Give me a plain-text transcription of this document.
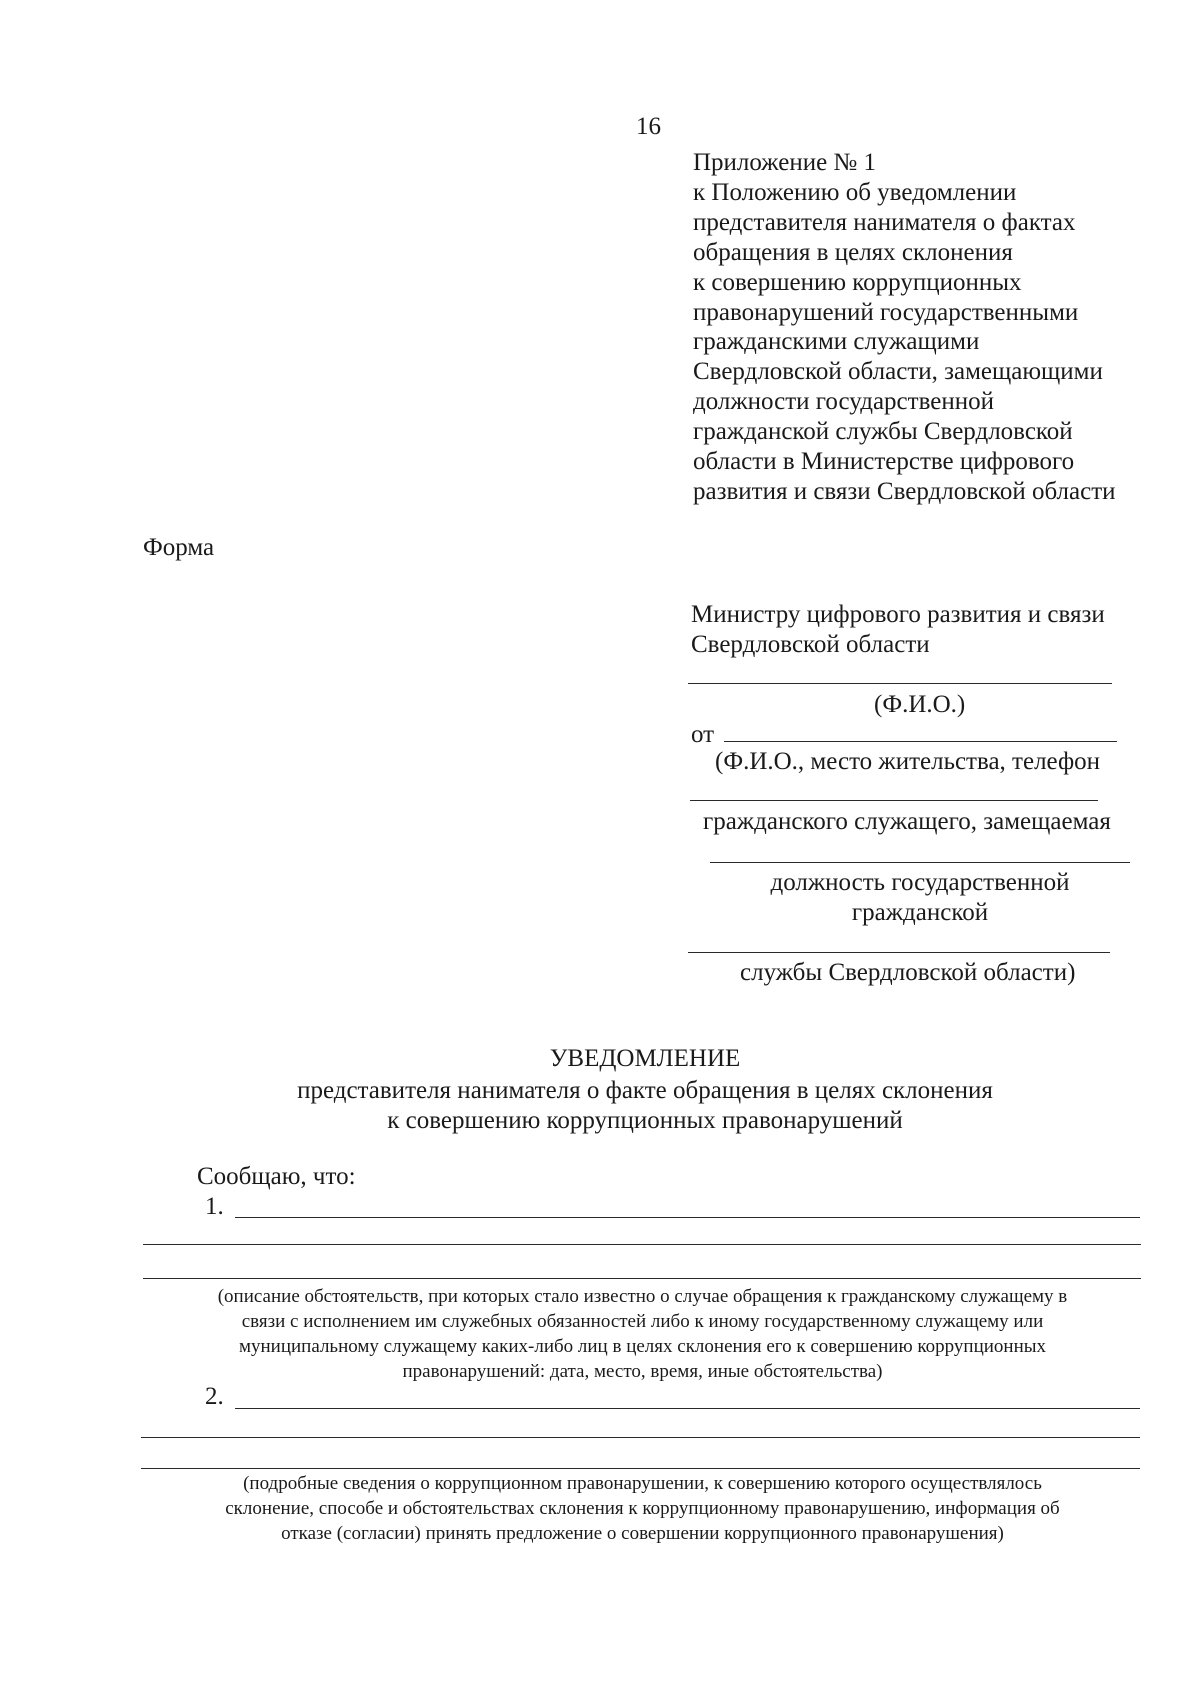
16
Приложение № 1
к Положению об уведомлении
представителя нанимателя о фактах
обращения в целях склонения
к совершению коррупционных
правонарушений государственными
гражданскими служащими
Свердловской области, замещающими
должности государственной
гражданской службы Свердловской
области в Министерстве цифрового
развития и связи Свердловской области
Форма
Министру цифрового развития и связи
Свердловской области
(Ф.И.О.)
от
(Ф.И.О., место жительства, телефон
гражданского служащего, замещаемая
должность государственной
гражданской
службы Свердловской области)
УВЕДОМЛЕНИЕ
представителя нанимателя о факте обращения в целях склонения
к совершению коррупционных правонарушений
Сообщаю, что:
1.
(описание обстоятельств, при которых стало известно о случае обращения к гражданскому служащему в
связи с исполнением им служебных обязанностей либо к иному государственному служащему или
муниципальному служащему каких-либо лиц в целях склонения его к совершению коррупционных
правонарушений: дата, место, время, иные обстоятельства)
2.
(подробные сведения о коррупционном правонарушении, к совершению которого осуществлялось
склонение, способе и обстоятельствах склонения к коррупционному правонарушению, информация об
отказе (согласии) принять предложение о совершении коррупционного правонарушения)
